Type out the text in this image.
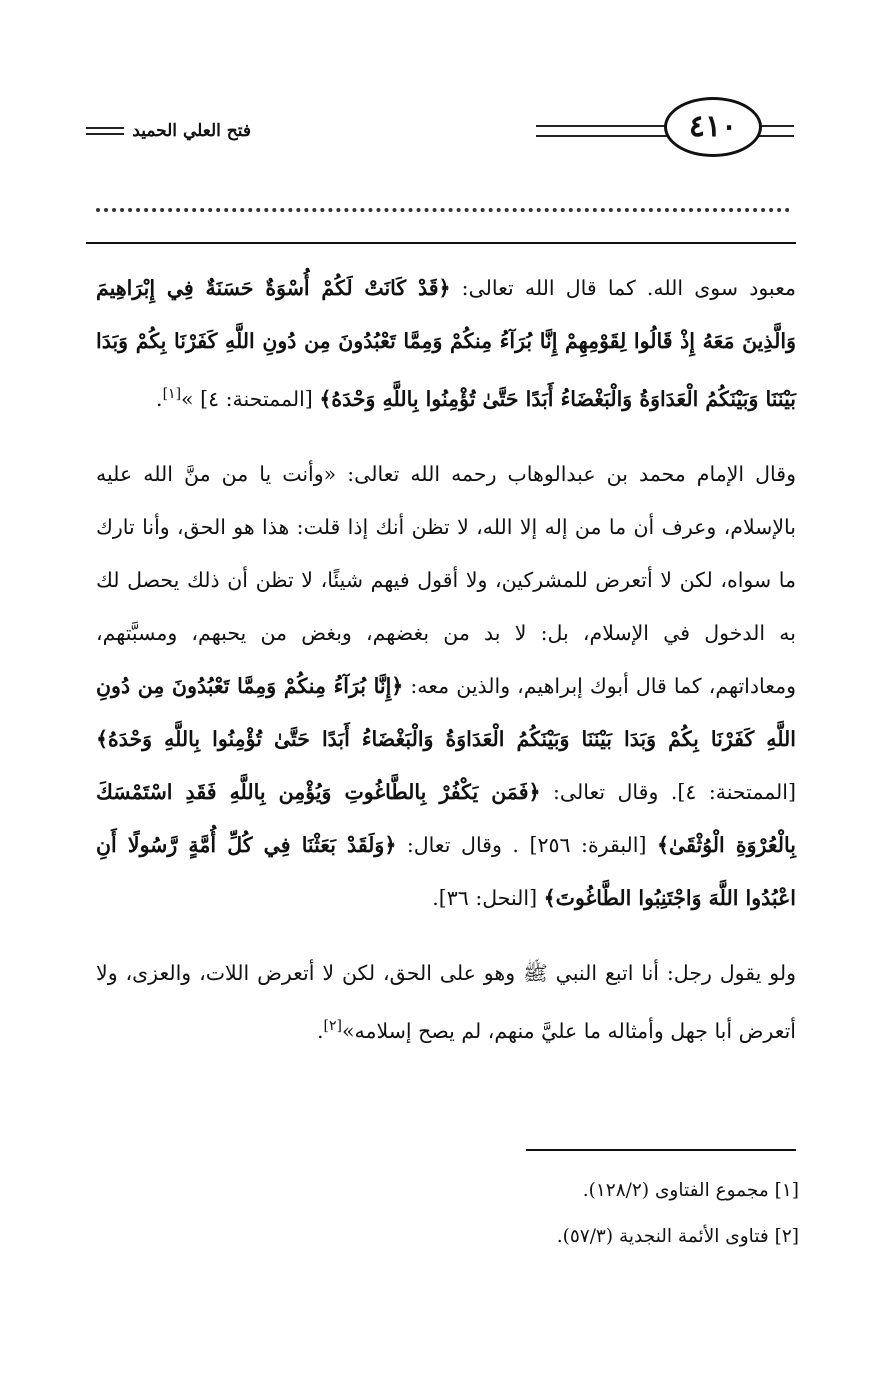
فتح العلي الحميد	٤١٠

معبود سوى الله. كما قال الله تعالى: ﴿قَدْ كَانَتْ لَكُمْ أُسْوَةٌ حَسَنَةٌ فِي إِبْرَاهِيمَ وَالَّذِينَ مَعَهُ إِذْ قَالُوا لِقَوْمِهِمْ إِنَّا بُرَآءُ مِنكُمْ وَمِمَّا تَعْبُدُونَ مِن دُونِ اللَّهِ كَفَرْنَا بِكُمْ وَبَدَا بَيْنَنَا وَبَيْنَكُمُ الْعَدَاوَةُ وَالْبَغْضَاءُ أَبَدًا حَتَّىٰ تُؤْمِنُوا بِاللَّهِ وَحْدَهُ﴾ [الممتحنة: ٤] »[١].

وقال الإمام محمد بن عبدالوهاب رحمه الله تعالى: «وأنت يا من منَّ الله عليه بالإسلام، وعرف أن ما من إله إلا الله، لا تظن أنك إذا قلت: هذا هو الحق، وأنا تارك ما سواه، لكن لا أتعرض للمشركين، ولا أقول فيهم شيئًا، لا تظن أن ذلك يحصل لك به الدخول في الإسلام، بل: لا بد من بغضهم، وبغض من يحبهم، ومسبَّتهم، ومعاداتهم، كما قال أبوك إبراهيم، والذين معه: ﴿إِنَّا بُرَآءُ مِنكُمْ وَمِمَّا تَعْبُدُونَ مِن دُونِ اللَّهِ كَفَرْنَا بِكُمْ وَبَدَا بَيْنَنَا وَبَيْنَكُمُ الْعَدَاوَةُ وَالْبَغْضَاءُ أَبَدًا حَتَّىٰ تُؤْمِنُوا بِاللَّهِ وَحْدَهُ﴾ [الممتحنة: ٤]. وقال تعالى: ﴿فَمَن يَكْفُرْ بِالطَّاغُوتِ وَيُؤْمِن بِاللَّهِ فَقَدِ اسْتَمْسَكَ بِالْعُرْوَةِ الْوُثْقَىٰ﴾ [البقرة: ٢٥٦] . وقال تعال: ﴿وَلَقَدْ بَعَثْنَا فِي كُلِّ أُمَّةٍ رَّسُولًا أَنِ اعْبُدُوا اللَّهَ وَاجْتَنِبُوا الطَّاغُوتَ﴾ [النحل: ٣٦].

ولو يقول رجل: أنا اتبع النبي ﷺ وهو على الحق، لكن لا أتعرض اللات، والعزى، ولا أتعرض أبا جهل وأمثاله ما عليَّ منهم، لم يصح إسلامه»[٢].

[١] مجموع الفتاوى (١٢٨/٢).
[٢] فتاوى الأئمة النجدية (٥٧/٣).
